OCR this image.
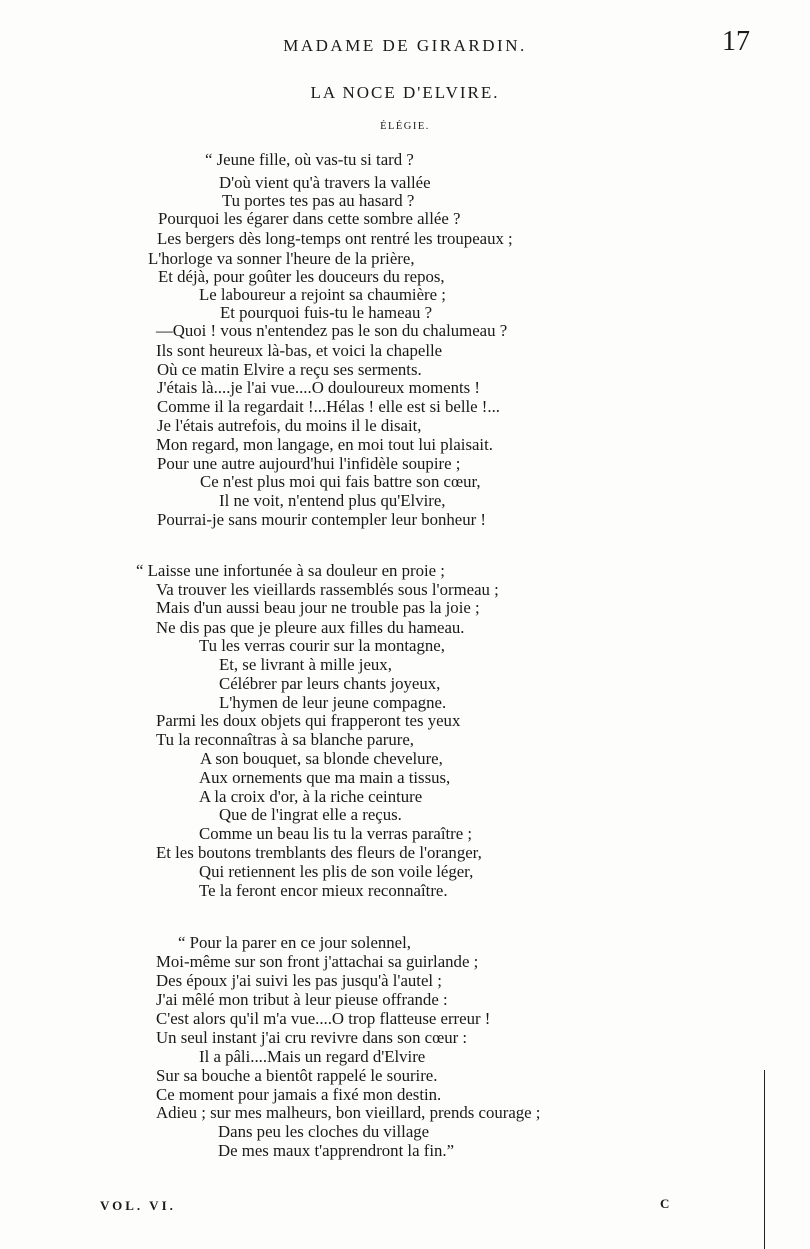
MADAME DE GIRARDIN.	17
LA NOCE D'ELVIRE.
ÉLÉGIE.
“ Jeune fille, où vas-tu si tard ?
D'où vient qu'à travers la vallée
Tu portes tes pas au hasard ?
Pourquoi les égarer dans cette sombre allée ?
Les bergers dès long-temps ont rentré les troupeaux ;
L'horloge va sonner l'heure de la prière,
Et déjà, pour goûter les douceurs du repos,
Le laboureur a rejoint sa chaumière ;
Et pourquoi fuis-tu le hameau ?
—Quoi ! vous n'entendez pas le son du chalumeau ?
Ils sont heureux là-bas, et voici la chapelle
Où ce matin Elvire a reçu ses serments.
J'étais là....je l'ai vue....O douloureux moments !
Comme il la regardait !...Hélas ! elle est si belle !...
Je l'étais autrefois, du moins il le disait,
Mon regard, mon langage, en moi tout lui plaisait.
Pour une autre aujourd'hui l'infidèle soupire ;
Ce n'est plus moi qui fais battre son cœur,
Il ne voit, n'entend plus qu'Elvire,
Pourrai-je sans mourir contempler leur bonheur !
“ Laisse une infortunée à sa douleur en proie ;
Va trouver les vieillards rassemblés sous l'ormeau ;
Mais d'un aussi beau jour ne trouble pas la joie ;
Ne dis pas que je pleure aux filles du hameau.
Tu les verras courir sur la montagne,
Et, se livrant à mille jeux,
Célébrer par leurs chants joyeux,
L'hymen de leur jeune compagne.
Parmi les doux objets qui frapperont tes yeux
Tu la reconnaîtras à sa blanche parure,
A son bouquet, sa blonde chevelure,
Aux ornements que ma main a tissus,
A la croix d'or, à la riche ceinture
Que de l'ingrat elle a reçus.
Comme un beau lis tu la verras paraître ;
Et les boutons tremblants des fleurs de l'oranger,
Qui retiennent les plis de son voile léger,
Te la feront encor mieux reconnaître.
“ Pour la parer en ce jour solennel,
Moi-même sur son front j'attachai sa guirlande ;
Des époux j'ai suivi les pas jusqu'à l'autel ;
J'ai mêlé mon tribut à leur pieuse offrande :
C'est alors qu'il m'a vue....O trop flatteuse erreur !
Un seul instant j'ai cru revivre dans son cœur :
Il a pâli....Mais un regard d'Elvire
Sur sa bouche a bientôt rappelé le sourire.
Ce moment pour jamais a fixé mon destin.
Adieu ; sur mes malheurs, bon vieillard, prends courage ;
Dans peu les cloches du village
De mes maux t'apprendront la fin.”
VOL. VI.	C
